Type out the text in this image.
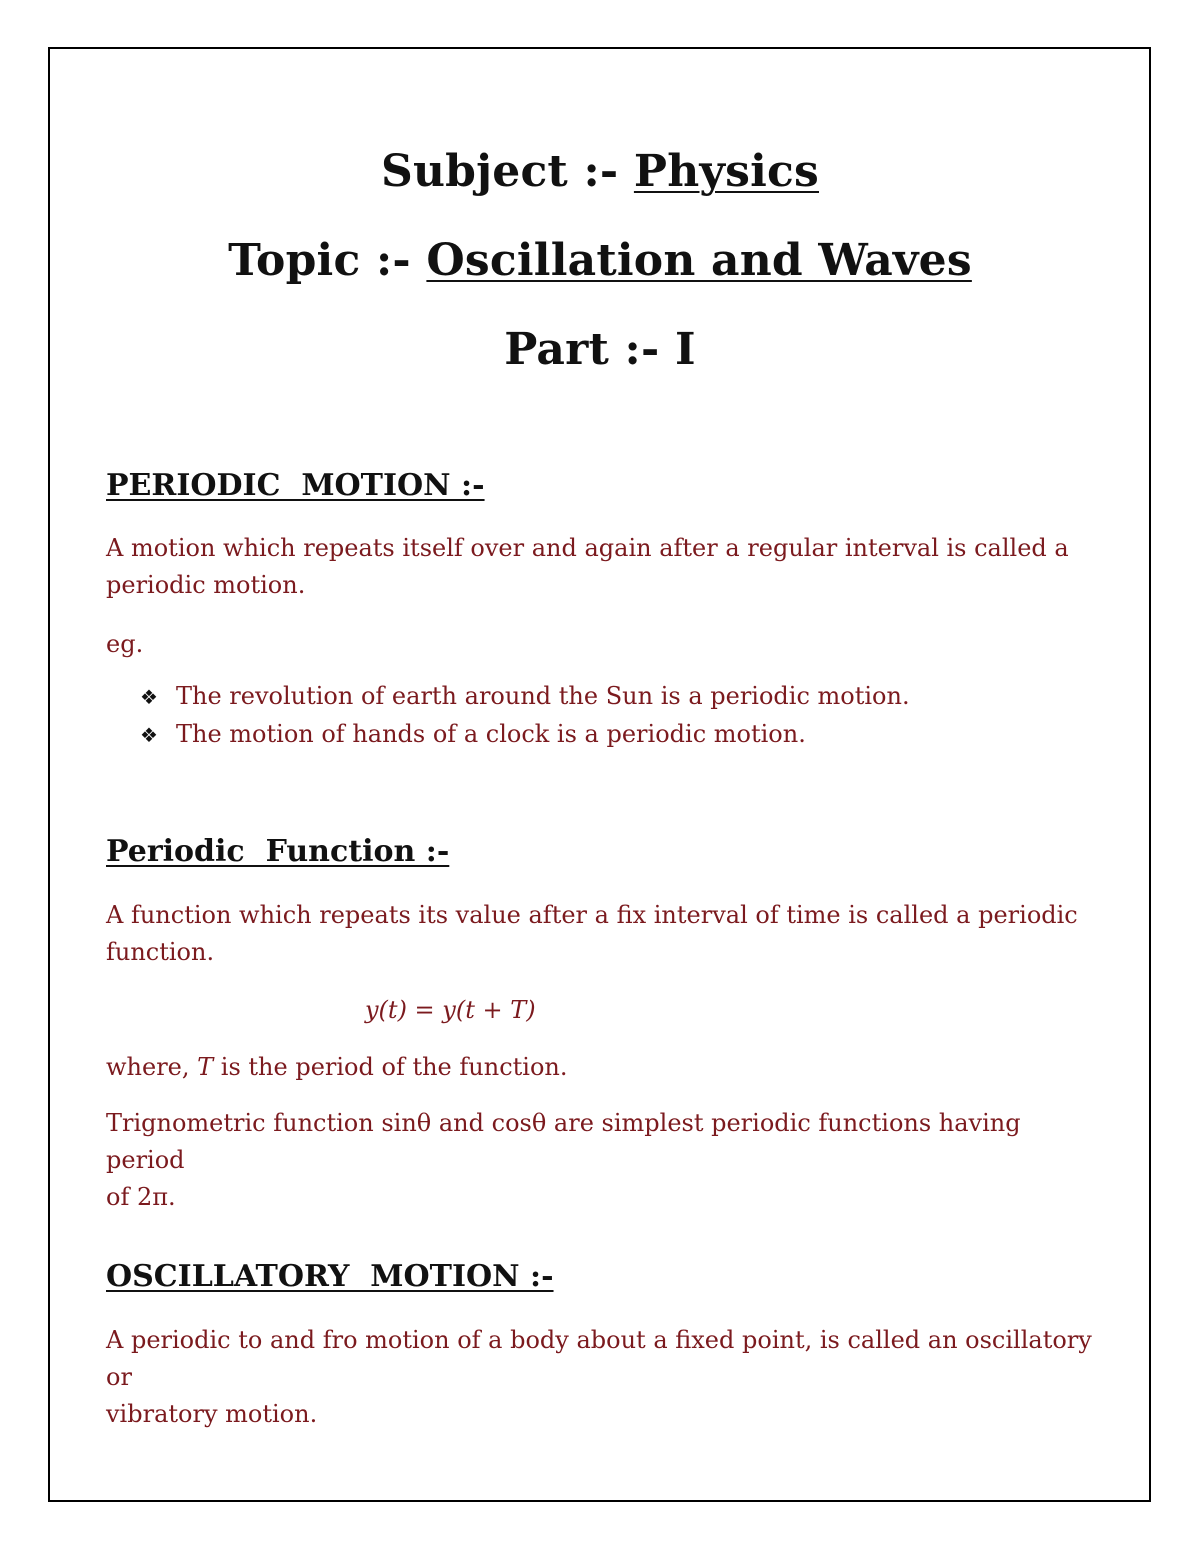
Subject :- Physics
Topic :- Oscillation and Waves
Part :- I
PERIODIC  MOTION :-
A motion which repeats itself over and again after a regular interval is called a
periodic motion.
eg.
❖ The revolution of earth around the Sun is a periodic motion.
❖ The motion of hands of a clock is a periodic motion.
Periodic  Function :-
A function which repeats its value after a fix interval of time is called a periodic
function.
y(t) = y(t + T)
where, T is the period of the function.
Trignometric function sinθ and cosθ are simplest periodic functions having period
of 2π.
OSCILLATORY  MOTION :-
A periodic to and fro motion of a body about a fixed point, is called an oscillatory or
vibratory motion.
